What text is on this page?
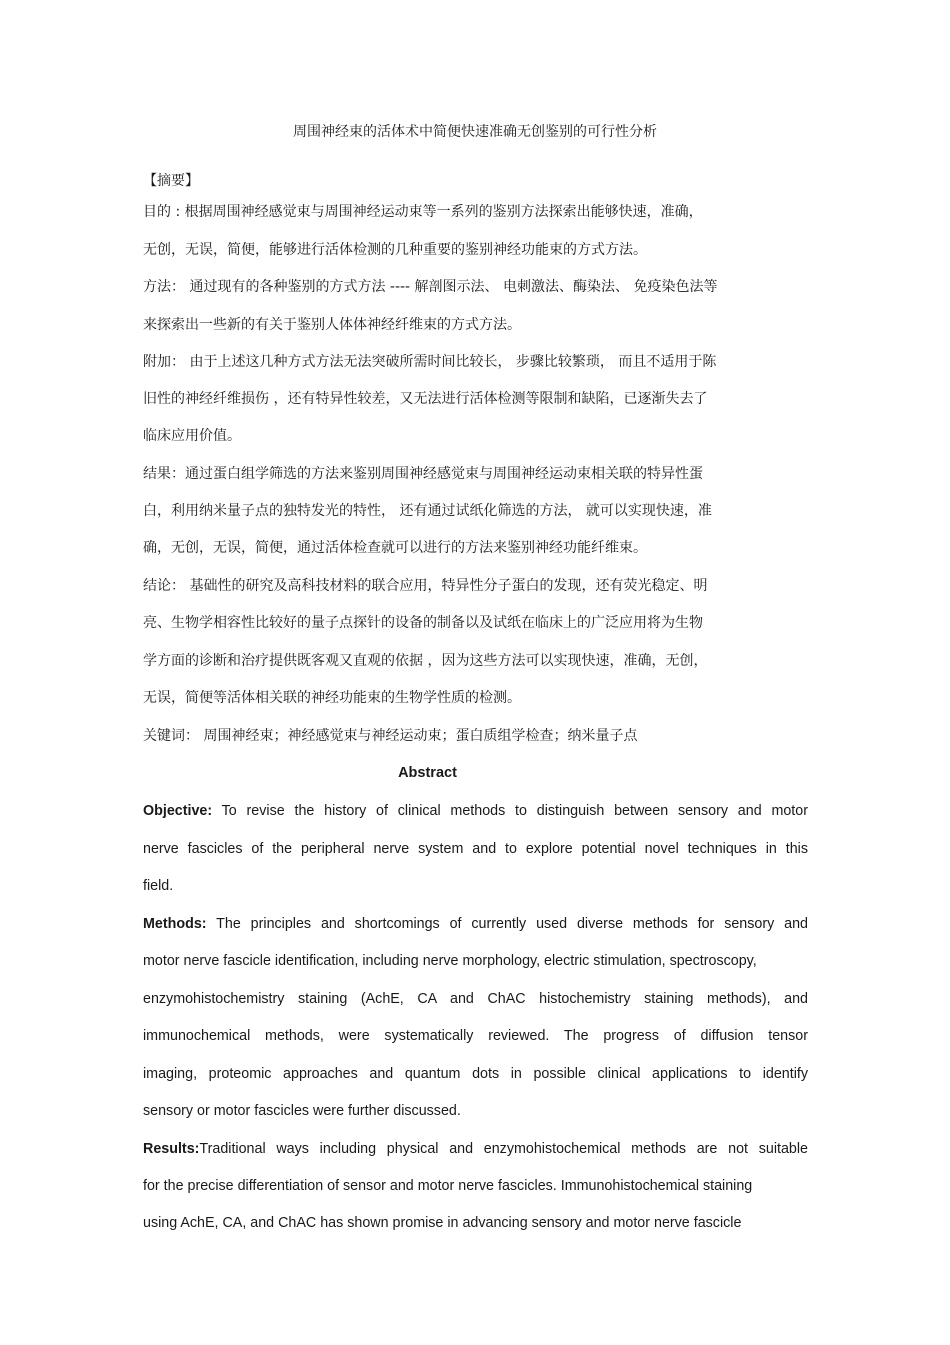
周围神经束的活体术中简便快速准确无创鉴别的可行性分析
【摘要】
目的 : 根据周围神经感觉束与周围神经运动束等一系列的鉴别方法探索出能够快速，准确，
无创，无误，简便，能够进行活体检测的几种重要的鉴别神经功能束的方式方法。
方法： 通过现有的各种鉴别的方式方法 ---- 解剖图示法、 电刺激法、酶染法、 免疫染色法等
来探索出一些新的有关于鉴别人体体神经纤维束的方式方法。
附加： 由于上述这几种方式方法无法突破所需时间比较长， 步骤比较繁琐， 而且不适用于陈
旧性的神经纤维损伤 ，还有特异性较差，又无法进行活体检测等限制和缺陷，已逐渐失去了
临床应用价值。
结果：通过蛋白组学筛选的方法来鉴别周围神经感觉束与周围神经运动束相关联的特异性蛋
白，利用纳米量子点的独特发光的特性， 还有通过试纸化筛选的方法， 就可以实现快速，准
确，无创，无误，简便，通过活体检查就可以进行的方法来鉴别神经功能纤维束。
结论： 基础性的研究及高科技材料的联合应用，特异性分子蛋白的发现，还有荧光稳定、明
亮、生物学相容性比较好的量子点探针的设备的制备以及试纸在临床上的广泛应用将为生物
学方面的诊断和治疗提供既客观又直观的依据 ，因为这些方法可以实现快速，准确，无创，
无误，简便等活体相关联的神经功能束的生物学性质的检测。
关键词： 周围神经束；神经感觉束与神经运动束；蛋白质组学检查；纳米量子点
Abstract
Objective: To revise the history of clinical methods to distinguish between sensory and motor
nerve fascicles of the peripheral nerve system and to explore potential novel techniques in this
field.
Methods: The principles and shortcomings of currently used diverse methods for sensory and
motor nerve fascicle identification, including nerve morphology, electric stimulation, spectroscopy,
enzymohistochemistry staining (AchE, CA and ChAC histochemistry staining methods), and
immunochemical methods, were systematically reviewed. The progress of diffusion tensor
imaging, proteomic approaches and quantum dots in possible clinical applications to identify
sensory or motor fascicles were further discussed.
Results:Traditional ways including physical and enzymohistochemical methods are not suitable
for the precise differentiation of sensor and motor nerve fascicles. Immunohistochemical staining
using AchE, CA, and ChAC has shown promise in advancing sensory and motor nerve fascicle
